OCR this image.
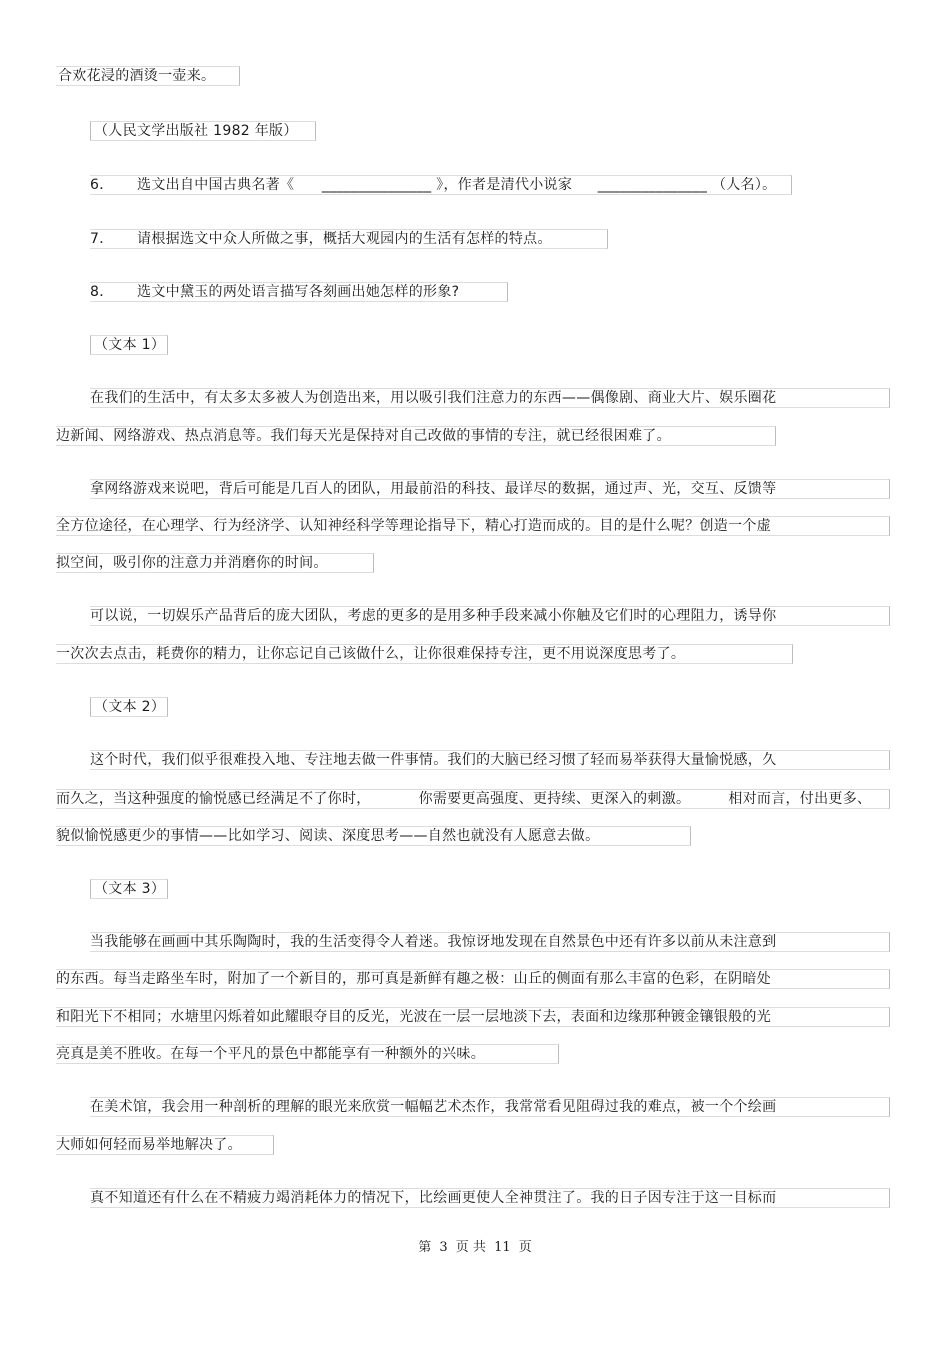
合欢花浸的酒烫一壶来。
（人民文学出版社 1982 年版）
6． 选文出自中国古典名著《 _______________ 》，作者是清代小说家 _______________ （人名）。
7． 请根据选文中众人所做之事，概括大观园内的生活有怎样的特点。
8． 选文中黛玉的两处语言描写各刻画出她怎样的形象?
（文本 1）
在我们的生活中，有太多太多被人为创造出来，用以吸引我们注意力的东西——偶像剧、商业大片、娱乐圈花
边新闻、网络游戏、热点消息等。我们每天光是保持对自己改做的事情的专注，就已经很困难了。
拿网络游戏来说吧，背后可能是几百人的团队，用最前沿的科技、最详尽的数据，通过声、光，交互、反馈等
全方位途径，在心理学、行为经济学、认知神经科学等理论指导下，精心打造而成的。目的是什么呢？创造一个虚
拟空间，吸引你的注意力并消磨你的时间。
可以说，一切娱乐产品背后的庞大团队，考虑的更多的是用多种手段来减小你触及它们时的心理阻力，诱导你
一次次去点击，耗费你的精力，让你忘记自己该做什么，让你很难保持专注，更不用说深度思考了。
（文本 2）
这个时代，我们似乎很难投入地、专注地去做一件事情。我们的大脑已经习惯了轻而易举获得大量愉悦感，久
而久之，当这种强度的愉悦感已经满足不了你时，	你需要更高强度、更持续、更深入的刺激。	相对而言，付出更多、
貌似愉悦感更少的事情——比如学习、阅读、深度思考——自然也就没有人愿意去做。
（文本 3）
当我能够在画画中其乐陶陶时，我的生活变得令人着迷。我惊讶地发现在自然景色中还有许多以前从未注意到
的东西。每当走路坐车时，附加了一个新目的，那可真是新鲜有趣之极：山丘的侧面有那么丰富的色彩，在阴暗处
和阳光下不相同；水塘里闪烁着如此耀眼夺目的反光，光波在一层一层地淡下去，表面和边缘那种镀金镶银般的光
亮真是美不胜收。在每一个平凡的景色中都能享有一种额外的兴味。
在美术馆，我会用一种剖析的理解的眼光来欣赏一幅幅艺术杰作，我常常看见阻碍过我的难点，被一个个绘画
大师如何轻而易举地解决了。
真不知道还有什么在不精疲力竭消耗体力的情况下，比绘画更使人全神贯注了。我的日子因专注于这一目标而
第 3 页 共 11 页
